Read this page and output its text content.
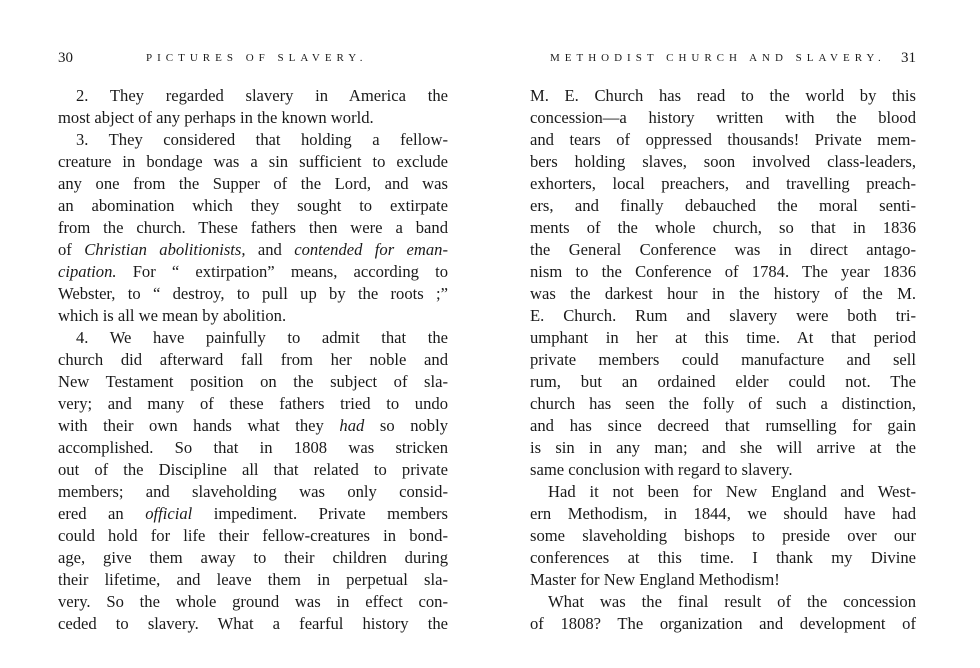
30	PICTURES OF SLAVERY.
2. They regarded slavery in America the
most abject of any perhaps in the known world.
3. They considered that holding a fellow-
creature in bondage was a sin sufficient to exclude
any one from the Supper of the Lord, and was
an abomination which they sought to extirpate
from the church. These fathers then were a band
of Christian abolitionists, and contended for eman-
cipation. For “ extirpation” means, according to
Webster, to “ destroy, to pull up by the roots ;”
which is all we mean by abolition.
4. We have painfully to admit that the
church did afterward fall from her noble and
New Testament position on the subject of sla-
very; and many of these fathers tried to undo
with their own hands what they had so nobly
accomplished. So that in 1808 was stricken
out of the Discipline all that related to private
members; and slaveholding was only consid-
ered an official impediment. Private members
could hold for life their fellow-creatures in bond-
age, give them away to their children during
their lifetime, and leave them in perpetual sla-
very. So the whole ground was in effect con-
ceded to slavery. What a fearful history the
METHODIST CHURCH AND SLAVERY. 31
M. E. Church has read to the world by this
concession—a history written with the blood
and tears of oppressed thousands! Private mem-
bers holding slaves, soon involved class-leaders,
exhorters, local preachers, and travelling preach-
ers, and finally debauched the moral senti-
ments of the whole church, so that in 1836
the General Conference was in direct antago-
nism to the Conference of 1784. The year 1836
was the darkest hour in the history of the M.
E. Church. Rum and slavery were both tri-
umphant in her at this time. At that period
private members could manufacture and sell
rum, but an ordained elder could not. The
church has seen the folly of such a distinction,
and has since decreed that rumselling for gain
is sin in any man; and she will arrive at the
same conclusion with regard to slavery.
Had it not been for New England and West-
ern Methodism, in 1844, we should have had
some slaveholding bishops to preside over our
conferences at this time. I thank my Divine
Master for New England Methodism!
What was the final result of the concession
of 1808? The organization and development of
